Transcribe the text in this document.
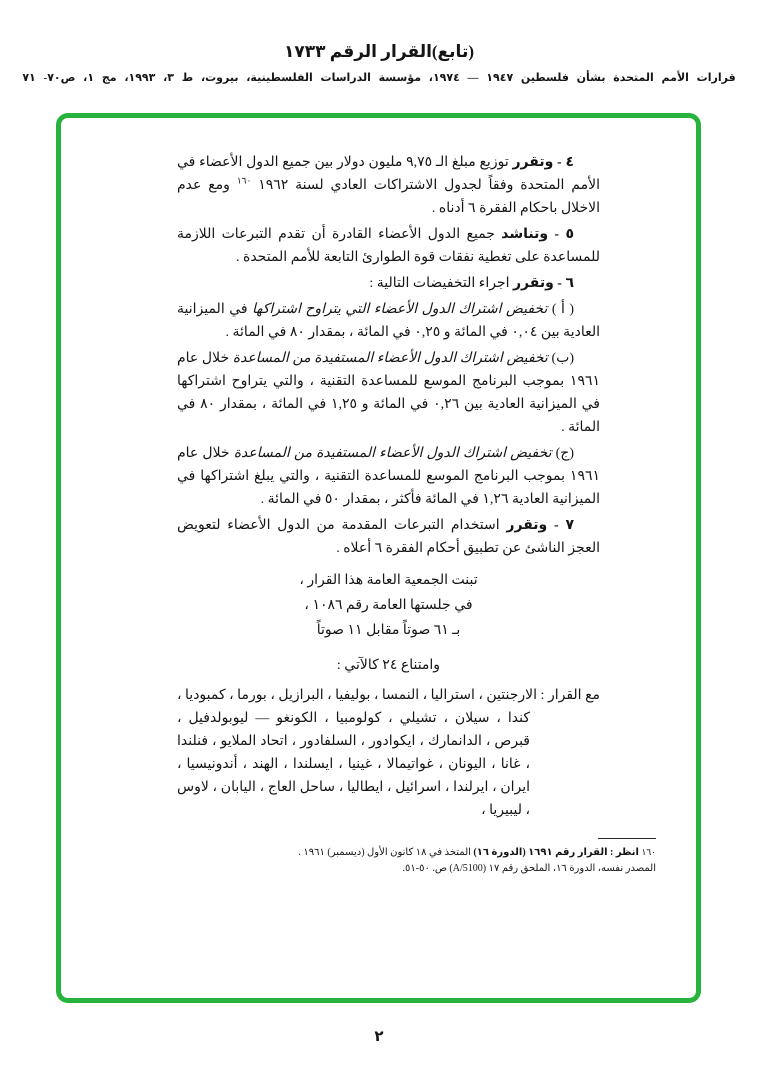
(تابع)القرار الرقم ١٧٣٣
قرارات الأمم المتحدة بشأن فلسطين ١٩٤٧ — ١٩٧٤، مؤسسة الدراسات الفلسطينية، بيروت، ط ٣، ١٩٩٣، مج ١، ص٧٠- ٧١

٤ - وتقرر توزيع مبلغ الـ ٩,٧٥ مليون دولار بين جميع الدول الأعضاء في الأمم المتحدة وفقاً لجدول الاشتراكات العادي لسنة ١٩٦٢ $^{١٦٠}$ ومع عدم الاخلال باحكام الفقرة ٦ أدناه .

٥ - وتناشد جميع الدول الأعضاء القادرة أن تقدم التبرعات اللازمة للمساعدة على تغطية نفقات قوة الطوارئ التابعة للأمم المتحدة .

٦ - وتقرر اجراء التخفيضات التالية :

( أ ) تخفيض اشتراك الدول الأعضاء التي يتراوح اشتراكها في الميزانية العادية بين ٠,٠٤ في المائة و ٠,٢٥ في المائة ، بمقدار ٨٠ في المائة .

(ب) تخفيض اشتراك الدول الأعضاء المستفيدة من المساعدة خلال عام ١٩٦١ بموجب البرنامج الموسع للمساعدة التقنية ، والتي يتراوح اشتراكها في الميزانية العادية بين ٠,٢٦ في المائة و ١,٢٥ في المائة ، بمقدار ٨٠ في المائة .

(ج) تخفيض اشتراك الدول الأعضاء المستفيدة من المساعدة خلال عام ١٩٦١ بموجب البرنامج الموسع للمساعدة التقنية ، والتي يبلغ اشتراكها في الميزانية العادية ١,٢٦ في المائة فأكثر ، بمقدار ٥٠ في المائة .

٧ - وتقرر استخدام التبرعات المقدمة من الدول الأعضاء لتعويض العجز الناشئ عن تطبيق أحكام الفقرة ٦ أعلاه .

تبنت الجمعية العامة هذا القرار ،

في جلستها العامة رقم ١٠٨٦ ،

بـ ٦١ صوتاً مقابل ١١ صوتاً

وامتناع ٢٤ كالآتي :

مع القرار : الارجنتين ، استراليا ، النمسا ، بوليفيا ، البرازيل ، بورما ، كمبوديا ، كندا ، سيلان ، تشيلي ، كولومبيا ، الكونغو — ليوبولدفيل ، قبرص ، الدانمارك ، ايكوادور ، السلفادور ، اتحاد الملايو ، فنلندا ، غانا ، اليونان ، غواتيمالا ، غينيا ، ايسلندا ، الهند ، أندونيسيا ، ايران ، ايرلندا ، اسرائيل ، ايطاليا ، ساحل العاج ، اليابان ، لاوس ، ليبيريا ،

١٦٠ انظر : القرار رقم ١٦٩١ (الدورة ١٦) المتخذ في ١٨ كانون الأول (ديسمبر) ١٩٦١ .

المصدر نفسه، الدورة ١٦، الملحق رقم ١٧ (A/5100) ص. ٥٠-٥١.

٢
